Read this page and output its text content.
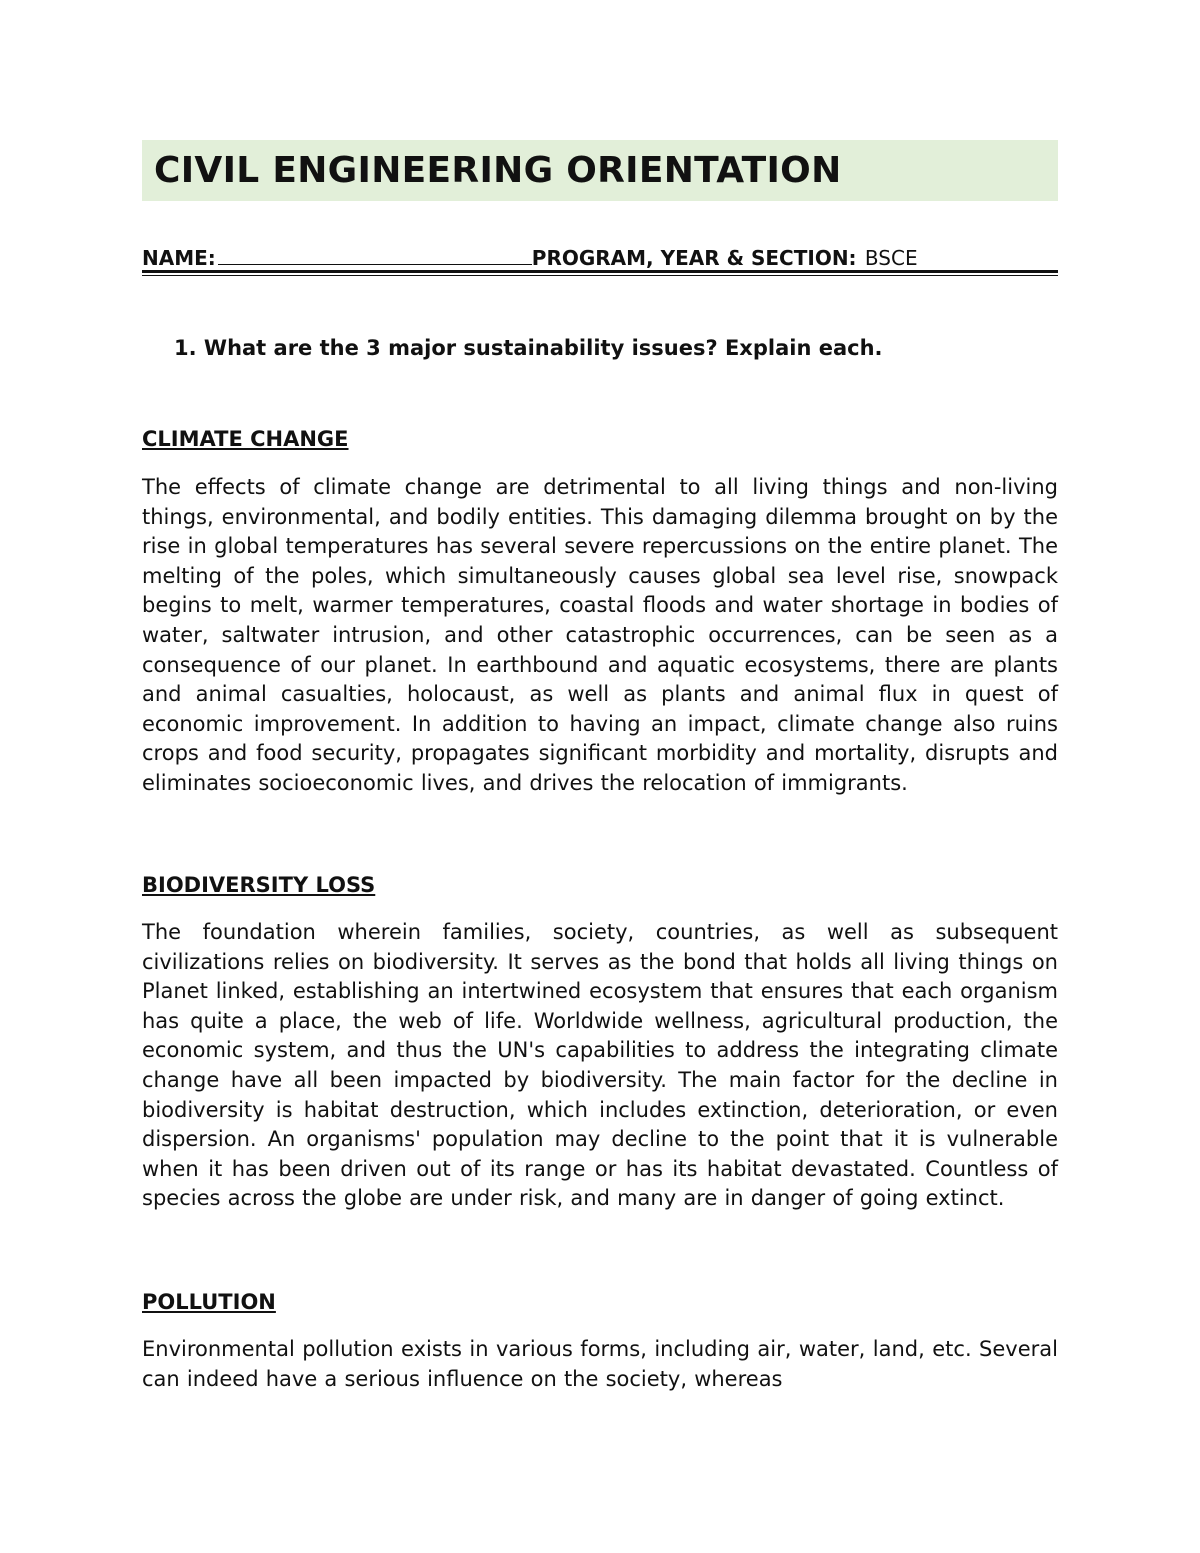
CIVIL ENGINEERING ORIENTATION
NAME:	PROGRAM, YEAR & SECTION: BSCE
1. What are the 3 major sustainability issues? Explain each.
CLIMATE CHANGE
The effects of climate change are detrimental to all living things and non-living things, environmental, and bodily entities. This damaging dilemma brought on by the rise in global temperatures has several severe repercussions on the entire planet. The melting of the poles, which simultaneously causes global sea level rise, snowpack begins to melt, warmer temperatures, coastal floods and water shortage in bodies of water, saltwater intrusion, and other catastrophic occurrences, can be seen as a consequence of our planet. In earthbound and aquatic ecosystems, there are plants and animal casualties, holocaust, as well as plants and animal flux in quest of economic improvement. In addition to having an impact, climate change also ruins crops and food security, propagates significant morbidity and mortality, disrupts and eliminates socioeconomic lives, and drives the relocation of immigrants.
BIODIVERSITY LOSS
The foundation wherein families, society, countries, as well as subsequent civilizations relies on biodiversity. It serves as the bond that holds all living things on Planet linked, establishing an intertwined ecosystem that ensures that each organism has quite a place, the web of life. Worldwide wellness, agricultural production, the economic system, and thus the UN's capabilities to address the integrating climate change have all been impacted by biodiversity. The main factor for the decline in biodiversity is habitat destruction, which includes extinction, deterioration, or even dispersion. An organisms' population may decline to the point that it is vulnerable when it has been driven out of its range or has its habitat devastated. Countless of species across the globe are under risk, and many are in danger of going extinct.
POLLUTION
Environmental pollution exists in various forms, including air, water, land, etc. Several can indeed have a serious influence on the society, whereas
